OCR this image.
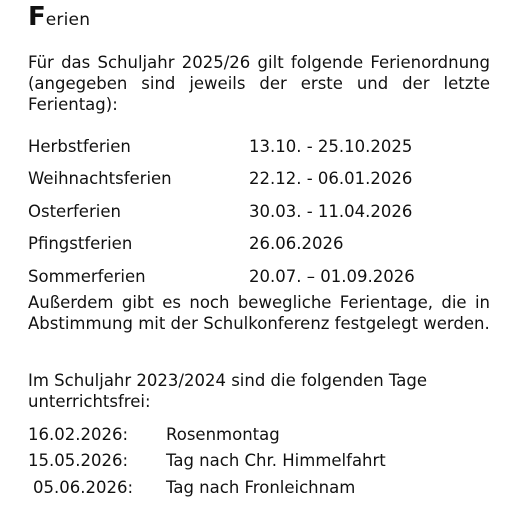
Ferien

Für das Schuljahr 2025/26 gilt folgende Ferienordnung (angegeben sind jeweils der erste und der letzte Ferientag):

Herbstferien	13.10. - 25.10.2025
Weihnachtsferien	22.12. - 06.01.2026
Osterferien	30.03. - 11.04.2026
Pfingstferien	26.06.2026
Sommerferien	20.07. – 01.09.2026

Außerdem gibt es noch bewegliche Ferientage, die in Abstimmung mit der Schulkonferenz festgelegt werden.

Im Schuljahr 2023/2024 sind die folgenden Tage unterrichtsfrei:

16.02.2026:	Rosenmontag
15.05.2026:	Tag nach Chr. Himmelfahrt
05.06.2026:	Tag nach Fronleichnam
